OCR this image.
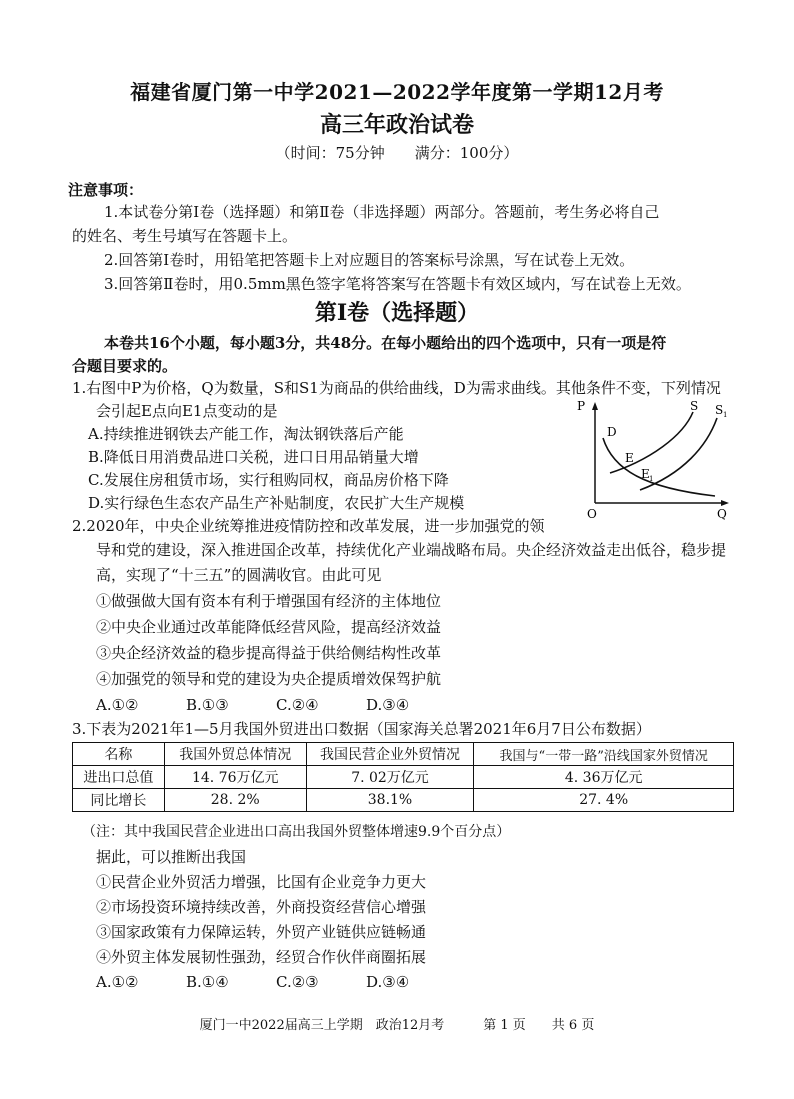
福建省厦门第一中学2021—2022学年度第一学期12月考
高三年政治试卷
（时间：75分钟　　满分：100分）
注意事项：
1.本试卷分第Ⅰ卷（选择题）和第Ⅱ卷（非选择题）两部分。答题前，考生务必将自己
的姓名、考生号填写在答题卡上。
2.回答第Ⅰ卷时，用铅笔把答题卡上对应题目的答案标号涂黑，写在试卷上无效。
3.回答第Ⅱ卷时，用0.5mm黑色签字笔将答案写在答题卡有效区域内，写在试卷上无效。
第Ⅰ卷（选择题）
本卷共16个小题，每小题3分，共48分。在每小题给出的四个选项中，只有一项是符
合题目要求的。
1.右图中P为价格，Q为数量，S和S1为商品的供给曲线，D为需求曲线。其他条件不变，下列情况
会引起E点向E1点变动的是
A.持续推进钢铁去产能工作，淘汰钢铁落后产能
B.降低日用消费品进口关税，进口日用品销量大增
C.发展住房租赁市场，实行租购同权，商品房价格下降
D.实行绿色生态农产品生产补贴制度，农民扩大生产规模
P
Q
O
S S 1
D
E
E 1
2.2020年，中央企业统筹推进疫情防控和改革发展，进一步加强党的领
导和党的建设，深入推进国企改革，持续优化产业端战略布局。央企经济效益走出低谷，稳步提
高，实现了“十三五”的圆满收官。由此可见
①做强做大国有资本有利于增强国有经济的主体地位
②中央企业通过改革能降低经营风险，提高经济效益
③央企经济效益的稳步提高得益于供给侧结构性改革
④加强党的领导和党的建设为央企提质增效保驾护航
A.①②	B.①③	C.②④	D.③④
3.下表为2021年1—5月我国外贸进出口数据（国家海关总署2021年6月7日公布数据）
名称	我国外贸总体情况	我国民营企业外贸情况	我国与“一带一路”沿线国家外贸情况
进出口总值	14. 76万亿元	7. 02万亿元	4. 36万亿元
同比增长	28. 2%	38.1%	27. 4%
（注：其中我国民营企业进出口高出我国外贸整体增速9.9个百分点）
据此，可以推断出我国
①民营企业外贸活力增强，比国有企业竞争力更大
②市场投资环境持续改善，外商投资经营信心增强
③国家政策有力保障运转，外贸产业链供应链畅通
④外贸主体发展韧性强劲，经贸合作伙伴商圈拓展
A.①②	B.①④	C.②③	D.③④
厦门一中2022届高三上学期　政治12月考　　　第 1 页　　共 6 页
